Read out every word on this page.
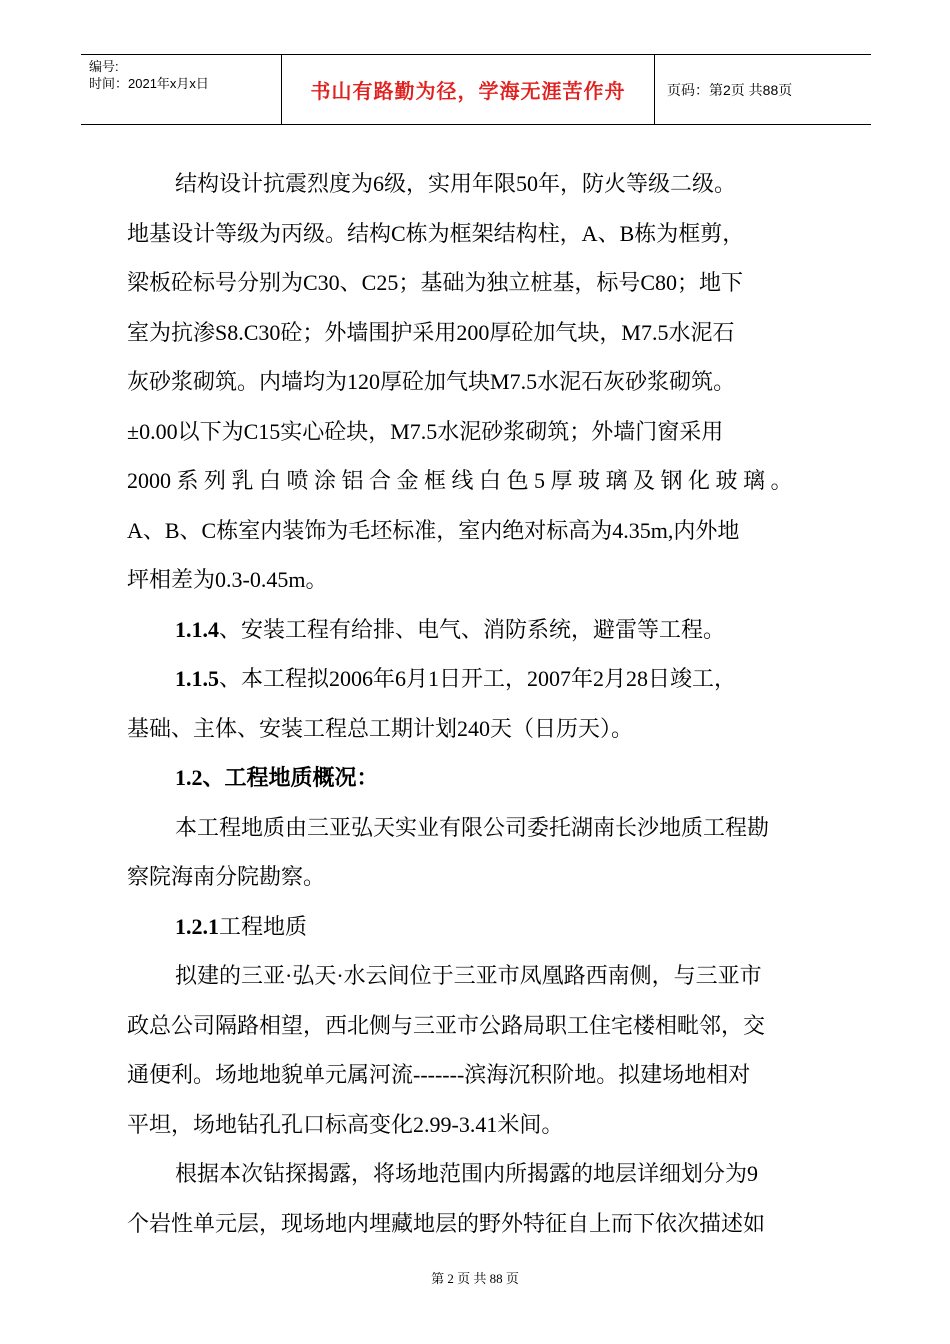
编号:
时间：2021年x月x日	书山有路勤为径，学海无涯苦作舟	页码：第2页 共88页
结构设计抗震烈度为6级，实用年限50年，防火等级二级。
地基设计等级为丙级。结构C栋为框架结构柱，A、B栋为框剪，
梁板砼标号分别为C30、C25；基础为独立桩基，标号C80；地下
室为抗渗S8.C30砼；外墙围护采用200厚砼加气块，M7.5水泥石
灰砂浆砌筑。内墙均为120厚砼加气块M7.5水泥石灰砂浆砌筑。
±0.00以下为C15实心砼块，M7.5水泥砂浆砌筑；外墙门窗采用
2000 系 列 乳 白 喷 涂 铝 合 金 框 线 白 色 5 厚 玻 璃 及 钢 化 玻 璃 。
A、B、C栋室内装饰为毛坯标准，室内绝对标高为4.35m,内外地
坪相差为0.3-0.45m。
1.1.4、安装工程有给排、电气、消防系统，避雷等工程。
1.1.5、本工程拟2006年6月1日开工，2007年2月28日竣工，
基础、主体、安装工程总工期计划240天（日历天）。
1.2、工程地质概况：
本工程地质由三亚弘天实业有限公司委托湖南长沙地质工程勘
察院海南分院勘察。
1.2.1工程地质
拟建的三亚·弘天·水云间位于三亚市凤凰路西南侧，与三亚市
政总公司隔路相望，西北侧与三亚市公路局职工住宅楼相毗邻，交
通便利。场地地貌单元属河流-------滨海沉积阶地。拟建场地相对
平坦，场地钻孔孔口标高变化2.99-3.41米间。
根据本次钻探揭露，将场地范围内所揭露的地层详细划分为9
个岩性单元层，现场地内埋藏地层的野外特征自上而下依次描述如
第 2 页 共 88 页
